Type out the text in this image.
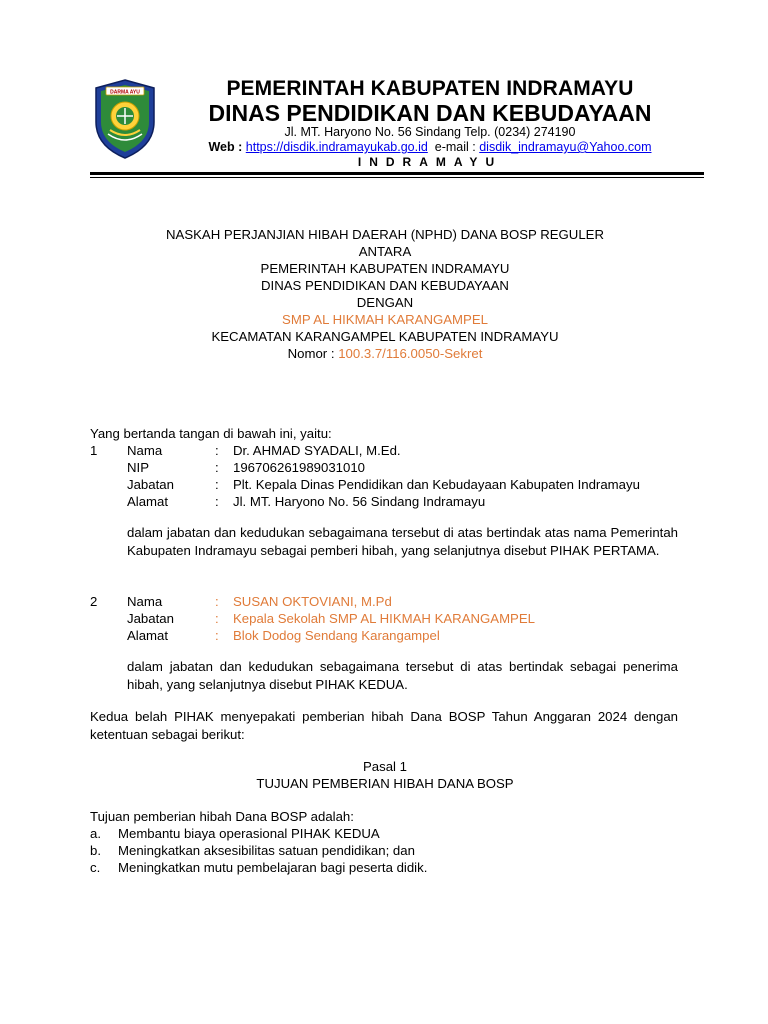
DARMA AYU	PEMERINTAH KABUPATEN INDRAMAYU
DINAS PENDIDIKAN DAN KEBUDAYAAN
Jl. MT. Haryono No. 56 Sindang Telp. (0234) 274190
Web : https://disdik.indramayukab.go.id e-mail : disdik_indramayu@Yahoo.com
INDRAMAYU
NASKAH PERJANJIAN HIBAH DAERAH (NPHD) DANA BOSP REGULER
ANTARA
PEMERINTAH KABUPATEN INDRAMAYU
DINAS PENDIDIKAN DAN KEBUDAYAAN
DENGAN
SMP AL HIKMAH KARANGAMPEL
KECAMATAN KARANGAMPEL KABUPATEN INDRAMAYU
Nomor : 100.3.7/116.0050-Sekret
Yang bertanda tangan di bawah ini, yaitu:
1 Nama	: Dr. AHMAD SYADALI, M.Ed.
NIP	: 196706261989031010
Jabatan	: Plt. Kepala Dinas Pendidikan dan Kebudayaan Kabupaten Indramayu
Alamat	: Jl. MT. Haryono No. 56 Sindang Indramayu
dalam jabatan dan kedudukan sebagaimana tersebut di atas bertindak atas nama Pemerintah Kabupaten Indramayu sebagai pemberi hibah, yang selanjutnya disebut PIHAK PERTAMA.
2 Nama	: SUSAN OKTOVIANI, M.Pd
Jabatan	: Kepala Sekolah SMP AL HIKMAH KARANGAMPEL
Alamat	: Blok Dodog Sendang Karangampel
dalam jabatan dan kedudukan sebagaimana tersebut di atas bertindak sebagai penerima hibah, yang selanjutnya disebut PIHAK KEDUA.
Kedua belah PIHAK menyepakati pemberian hibah Dana BOSP Tahun Anggaran 2024 dengan ketentuan sebagai berikut:
Pasal 1
TUJUAN PEMBERIAN HIBAH DANA BOSP
Tujuan pemberian hibah Dana BOSP adalah:
a. Membantu biaya operasional PIHAK KEDUA
b. Meningkatkan aksesibilitas satuan pendidikan; dan
c. Meningkatkan mutu pembelajaran bagi peserta didik.
